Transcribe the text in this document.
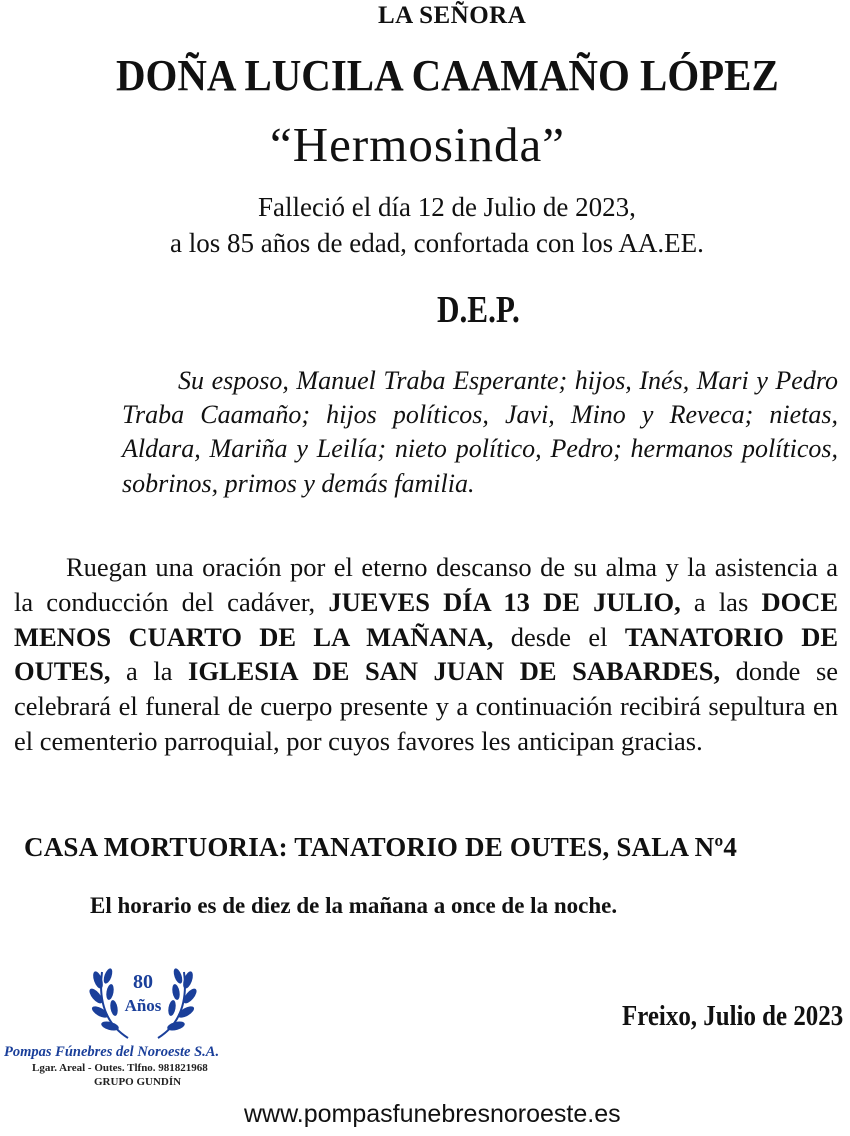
LA SEÑORA
DOÑA LUCILA CAAMAÑO LÓPEZ
“Hermosinda”
Falleció el día 12 de Julio de 2023,
a los 85 años de edad, confortada con los AA.EE.
D.E.P.
Su esposo, Manuel Traba Esperante; hijos, Inés, Mari y Pedro Traba Caamaño; hijos políticos, Javi, Mino y Reveca; nietas, Aldara, Mariña y Leilía; nieto político, Pedro; hermanos políticos, sobrinos, primos y demás familia.
Ruegan una oración por el eterno descanso de su alma y la asistencia a la conducción del cadáver, JUEVES DÍA 13 DE JULIO, a las DOCE MENOS CUARTO DE LA MAÑANA, desde el TANATORIO DE OUTES, a la IGLESIA DE SAN JUAN DE SABARDES, donde se celebrará el funeral de cuerpo presente y a continuación recibirá sepultura en el cementerio parroquial, por cuyos favores les anticipan gracias.
CASA MORTUORIA: TANATORIO DE OUTES, SALA Nº4
El horario es de diez de la mañana a once de la noche.
80
Años
Pompas Fúnebres del Noroeste S.A.
Lgar. Areal - Outes. Tlfno. 981821968
GRUPO GUNDÍN
Freixo, Julio de 2023
www.pompasfunebresnoroeste.es
